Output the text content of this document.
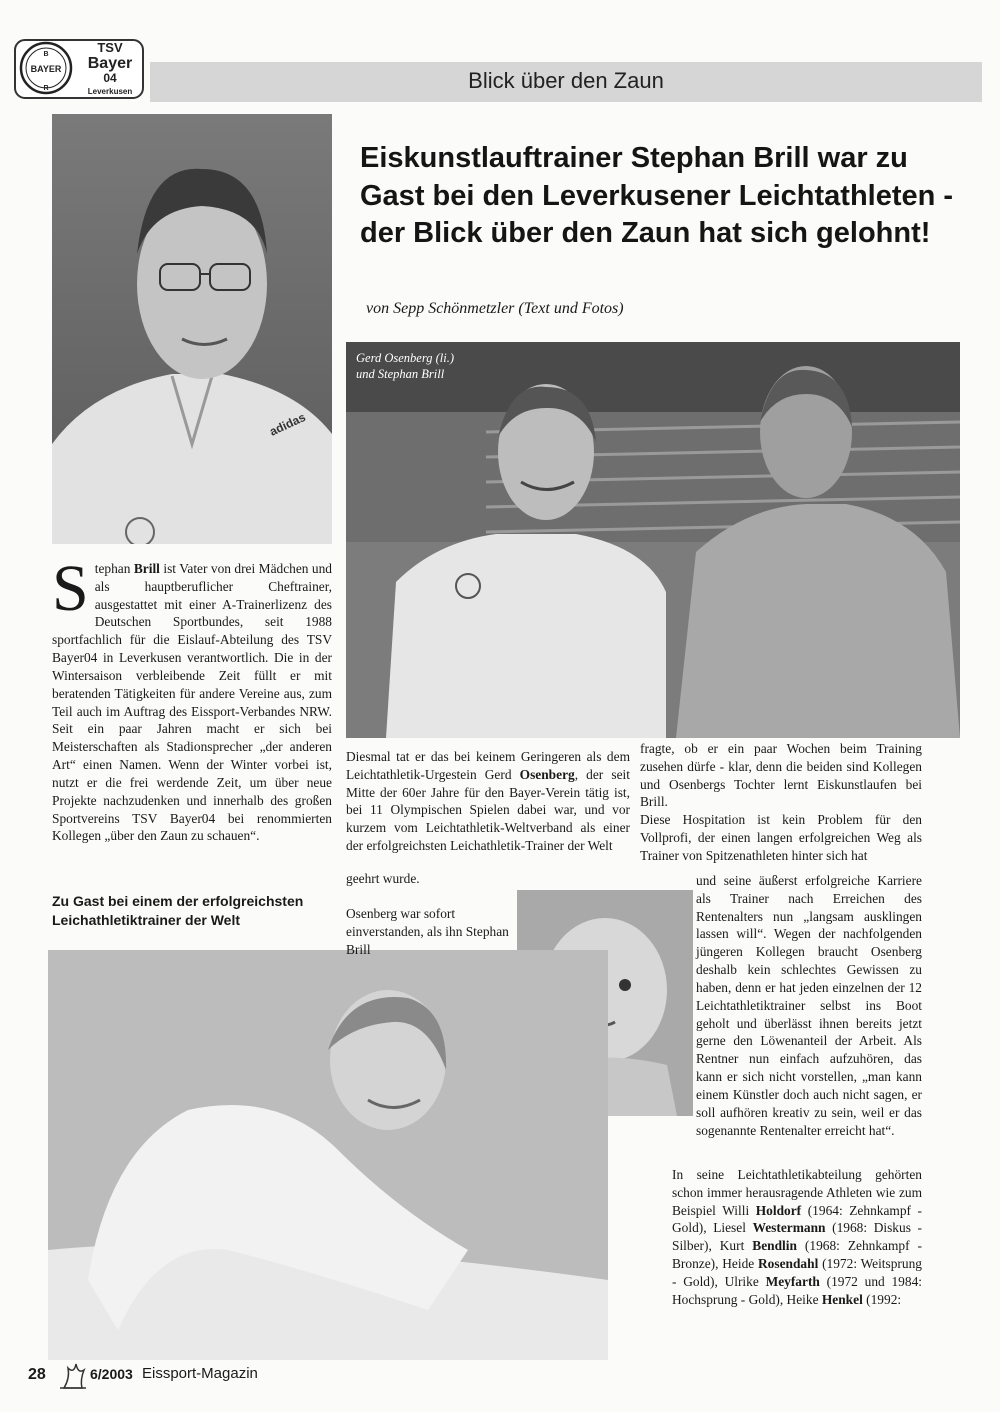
BAYER
B
R
TSV
Bayer
04
Leverkusen	Blick über den Zaun
Eiskunstlauftrainer Stephan Brill war zu Gast bei den Leverkusener Leichtathleten - der Blick über den Zaun hat sich gelohnt!
von Sepp Schönmetzler (Text und Fotos)
adidas
Gerd Osenberg (li.)
und Stephan Brill
Stephan Brill ist Vater von drei Mädchen und als hauptberuflicher Cheftrainer, ausgestattet mit einer A-Trainerlizenz des Deutschen Sportbundes, seit 1988 sportfachlich für die Eislauf-Abteilung des TSV Bayer04 in Leverkusen verantwortlich. Die in der Wintersaison verbleibende Zeit füllt er mit beratenden Tätigkeiten für andere Vereine aus, zum Teil auch im Auftrag des Eissport-Verbandes NRW. Seit ein paar Jahren macht er sich bei Meisterschaften als Stadionsprecher „der anderen Art“ einen Namen. Wenn der Winter vorbei ist, nutzt er die frei werdende Zeit, um über neue Projekte nachzudenken und innerhalb des großen Sportvereins TSV Bayer04 bei renommierten Kollegen „über den Zaun zu schauen“.
Zu Gast bei einem der erfolgreichsten Leichathletiktrainer der Welt
Diesmal tat er das bei keinem Geringeren als dem Leichtathletik-Urgestein Gerd Osenberg, der seit Mitte der 60er Jahre für den Bayer-Verein tätig ist, bei 11 Olympischen Spielen dabei war, und vor kurzem vom Leichtathletik-Weltverband als einer der erfolgreichsten Leichathletik-Trainer der Welt
geehrt wurde.
Osenberg war sofort einverstanden, als ihn Stephan Brill
fragte, ob er ein paar Wochen beim Training zusehen dürfe - klar, denn die beiden sind Kollegen und Osenbergs Tochter lernt Eiskunstlaufen bei Brill.
Diese Hospitation ist kein Problem für den Vollprofi, der einen langen erfolgreichen Weg als Trainer von Spitzenathleten hinter sich hat
und seine äußerst erfolgreiche Karriere als Trainer nach Erreichen des Rentenalters nun „langsam ausklingen lassen will“. Wegen der nachfolgenden jüngeren Kollegen braucht Osenberg deshalb kein schlechtes Gewissen zu haben, denn er hat jeden einzelnen der 12 Leichtathletiktrainer selbst ins Boot geholt und überlässt ihnen bereits jetzt gerne den Löwenanteil der Arbeit. Als Rentner nun einfach aufzuhören, das kann er sich nicht vorstellen, „man kann einem Künstler doch auch nicht sagen, er soll aufhören kreativ zu sein, weil er das sogenannte Rentenalter erreicht hat“.
In seine Leichtathletikabteilung gehörten schon immer herausragende Athleten wie zum Beispiel Willi Holdorf (1964: Zehnkampf - Gold), Liesel Westermann (1968: Diskus - Silber), Kurt Bendlin (1968: Zehnkampf - Bronze), Heide Rosendahl (1972: Weitsprung - Gold), Ulrike Meyfarth (1972 und 1984: Hochsprung - Gold), Heike Henkel (1992:
28	6/2003 Eissport-Magazin
